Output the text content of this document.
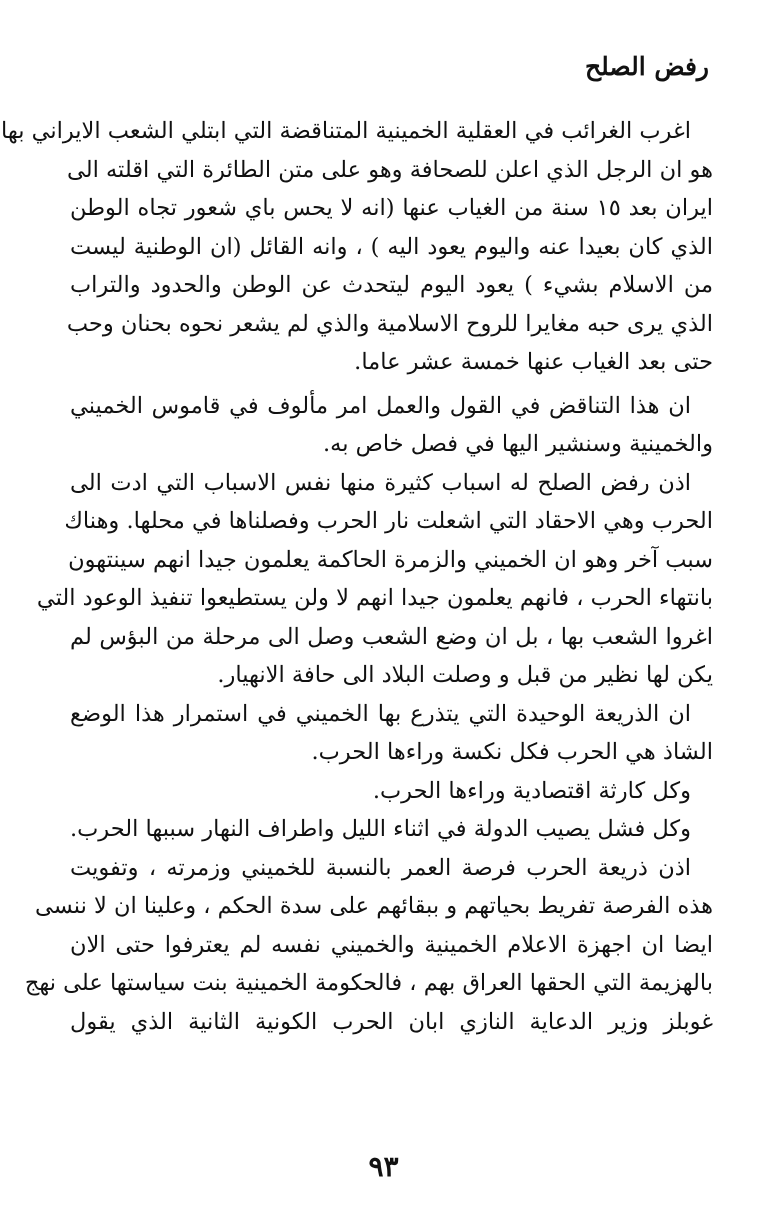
رفض الصلح
اغرب الغرائب في العقلية الخمينية المتناقضة التي ابتلي الشعب الايراني بها
هو ان الرجل الذي اعلن للصحافة وهو على متن الطائرة التي اقلته الى
ايران بعد ١٥ سنة من الغياب عنها (انه لا يحس باي شعور تجاه الوطن
الذي كان بعيدا عنه واليوم يعود اليه ) ، وانه القائل (ان الوطنية ليست
من الاسلام بشيء ) يعود اليوم ليتحدث عن الوطن والحدود والتراب
الذي يرى حبه مغايرا للروح الاسلامية والذي لم يشعر نحوه بحنان وحب
حتى بعد الغياب عنها خمسة عشر عاما.
ان هذا التناقض في القول والعمل امر مألوف في قاموس الخميني
والخمينية وسنشير اليها في فصل خاص به.
اذن رفض الصلح له اسباب كثيرة منها نفس الاسباب التي ادت الى
الحرب وهي الاحقاد التي اشعلت نار الحرب وفصلناها في محلها. وهناك
سبب آخر وهو ان الخميني والزمرة الحاكمة يعلمون جيدا انهم سينتهون
بانتهاء الحرب ، فانهم يعلمون جيدا انهم لا ولن يستطيعوا تنفيذ الوعود التي
اغروا الشعب بها ، بل ان وضع الشعب وصل الى مرحلة من البؤس لم
يكن لها نظير من قبل و وصلت البلاد الى حافة الانهيار.
ان الذريعة الوحيدة التي يتذرع بها الخميني في استمرار هذا الوضع
الشاذ هي الحرب فكل نكسة وراءها الحرب.
وكل كارثة اقتصادية وراءها الحرب.
وكل فشل يصيب الدولة في اثناء الليل واطراف النهار سببها الحرب.
اذن ذريعة الحرب فرصة العمر بالنسبة للخميني وزمرته ، وتفويت
هذه الفرصة تفريط بحياتهم و ببقائهم على سدة الحكم ، وعلينا ان لا ننسى
ايضا ان اجهزة الاعلام الخمينية والخميني نفسه لم يعترفوا حتى الان
بالهزيمة التي الحقها العراق بهم ، فالحكومة الخمينية بنت سياستها على نهج
غوبلز وزير الدعاية النازي ابان الحرب الكونية الثانية الذي يقول
٩٣
